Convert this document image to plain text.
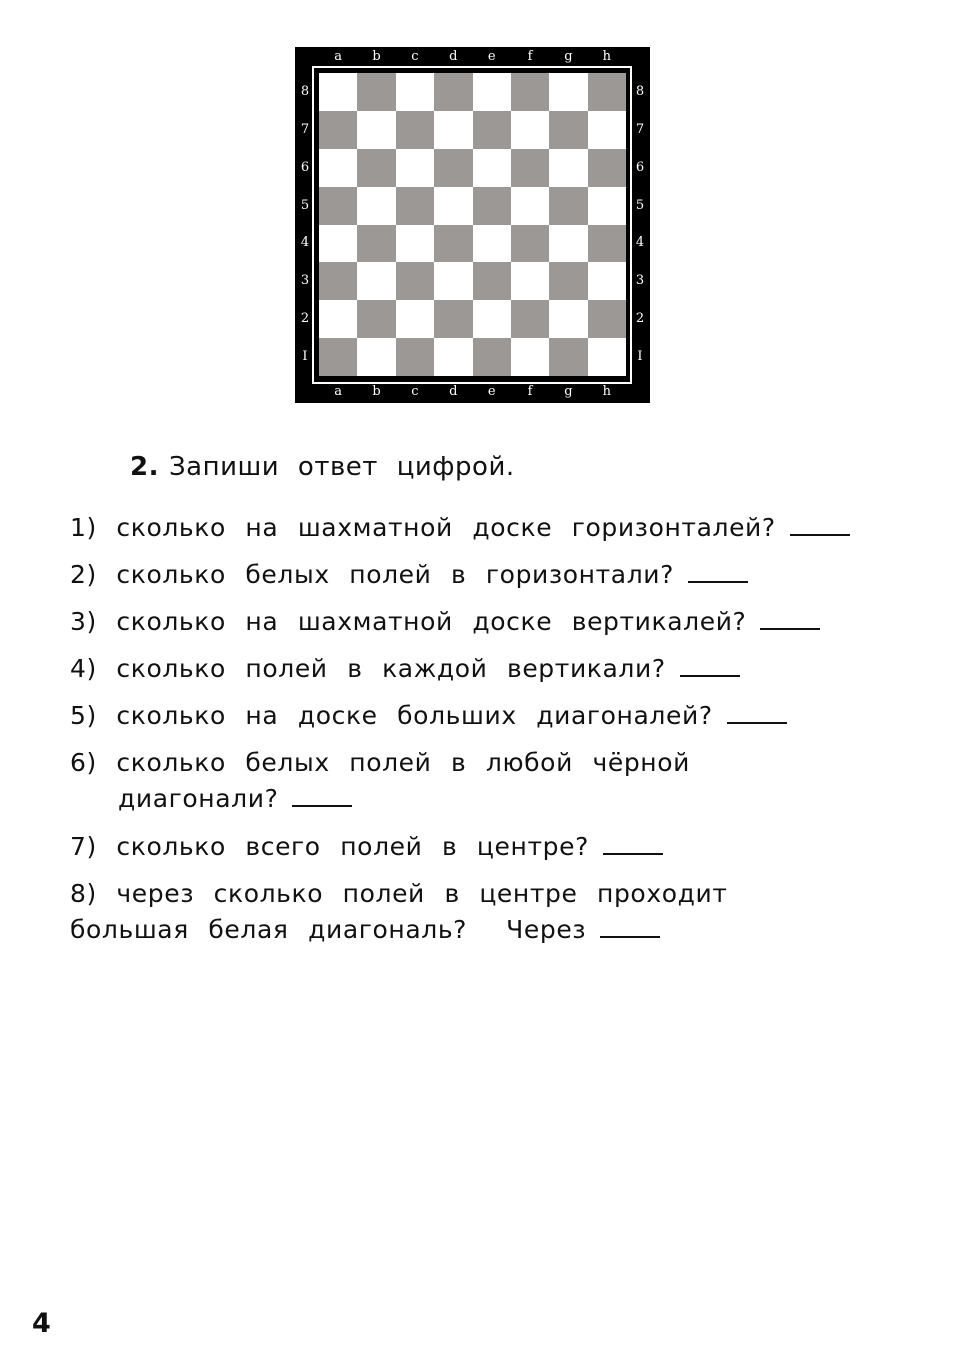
a
a
b
b
c
c
d
d
e
e
f
f
g
g
h
h
8	8
7	7
6	6
5	5
4	4
3	3
2	2
I	I
2. Запиши ответ цифрой.
1) сколько на шахматной доске горизонталей?
2) сколько белых полей в горизонтали?
3) сколько на шахматной доске вертикалей?
4) сколько полей в каждой вертикали?
5) сколько на доске больших диагоналей?
6) сколько белых полей в любой чёрной
диагонали?
7) сколько всего полей в центре?
8) через сколько полей в центре проходит
большая белая диагональ? Через
4
